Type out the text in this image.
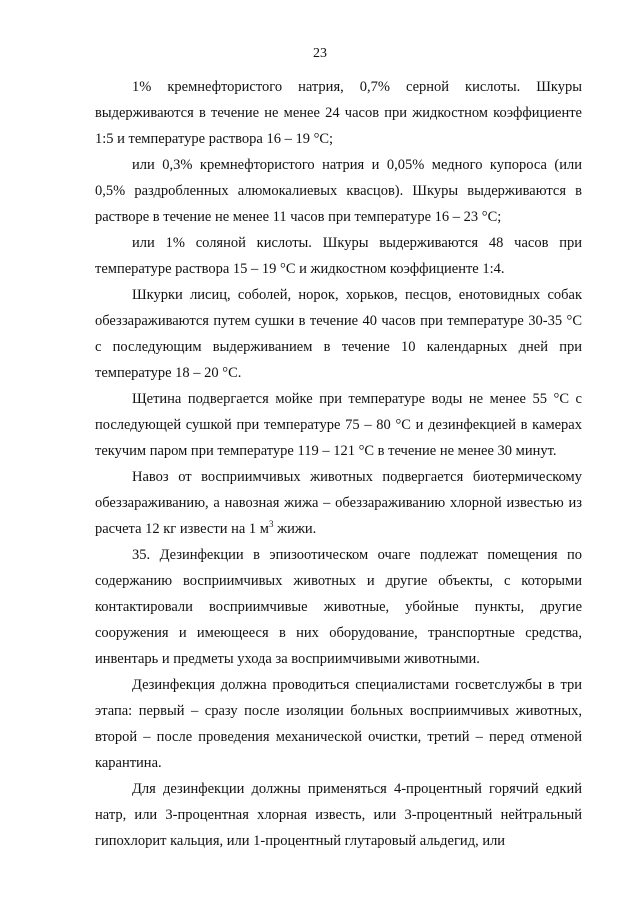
23

1% кремнефтористого натрия, 0,7% серной кислоты. Шкуры выдерживаются в течение не менее 24 часов при жидкостном коэффициенте 1:5 и температуре раствора 16 – 19 °С;

или 0,3% кремнефтористого натрия и 0,05% медного купороса (или 0,5% раздробленных алюмокалиевых квасцов). Шкуры выдерживаются в растворе в течение не менее 11 часов при температуре 16 – 23 °С;

или 1% соляной кислоты. Шкуры выдерживаются 48 часов при температуре раствора 15 – 19 °С и жидкостном коэффициенте 1:4.

Шкурки лисиц, соболей, норок, хорьков, песцов, енотовидных собак обеззараживаются путем сушки в течение 40 часов при температуре 30-35 °С с последующим выдерживанием в течение 10 календарных дней при температуре 18 – 20 °С.

Щетина подвергается мойке при температуре воды не менее 55 °С с последующей сушкой при температуре 75 – 80 °С и дезинфекцией в камерах текучим паром при температуре 119 – 121 °С в течение не менее 30 минут.

Навоз от восприимчивых животных подвергается биотермическому обеззараживанию, а навозная жижа – обеззараживанию хлорной известью из расчета 12 кг извести на 1 $м^3$ жижи.

35. Дезинфекции в эпизоотическом очаге подлежат помещения по содержанию восприимчивых животных и другие объекты, с которыми контактировали восприимчивые животные, убойные пункты, другие сооружения и имеющееся в них оборудование, транспортные средства, инвентарь и предметы ухода за восприимчивыми животными.

Дезинфекция должна проводиться специалистами госветслужбы в три этапа: первый – сразу после изоляции больных восприимчивых животных, второй – после проведения механической очистки, третий – перед отменой карантина.

Для дезинфекции должны применяться 4-процентный горячий едкий натр, или 3-процентная хлорная известь, или 3-процентный нейтральный гипохлорит кальция, или 1-процентный глутаровый альдегид, или
